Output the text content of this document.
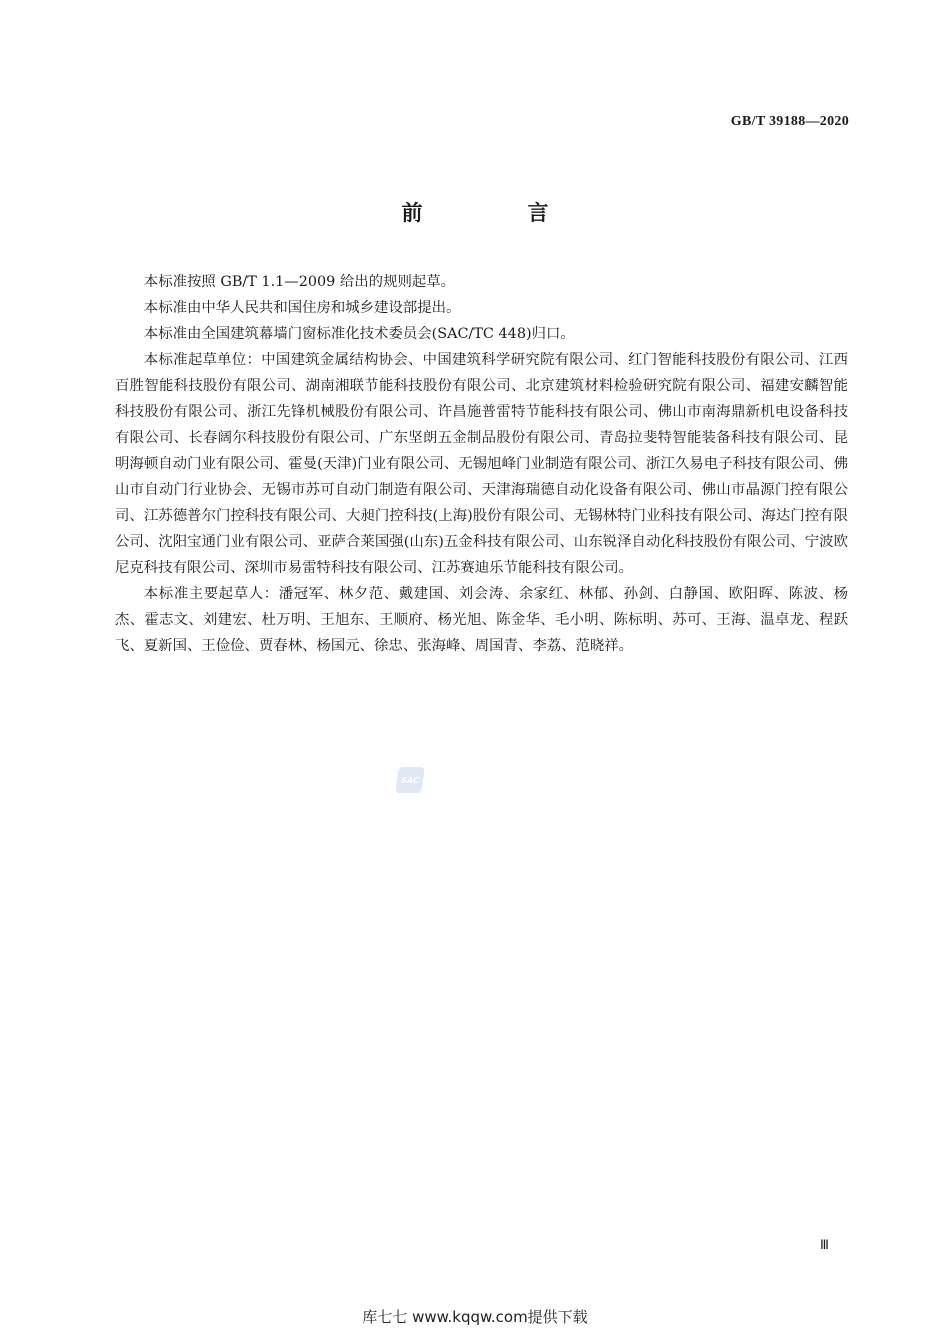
GB/T 39188—2020
前　言

本标准按照 GB/T 1.1—2009 给出的规则起草。

本标准由中华人民共和国住房和城乡建设部提出。

本标准由全国建筑幕墙门窗标准化技术委员会(SAC/TC 448)归口。

本标准起草单位：中国建筑金属结构协会、中国建筑科学研究院有限公司、红门智能科技股份有限公司、江西百胜智能科技股份有限公司、湖南湘联节能科技股份有限公司、北京建筑材料检验研究院有限公司、福建安麟智能科技股份有限公司、浙江先锋机械股份有限公司、许昌施普雷特节能科技有限公司、佛山市南海鼎新机电设备科技有限公司、长春阔尔科技股份有限公司、广东坚朗五金制品股份有限公司、青岛拉斐特智能装备科技有限公司、昆明海顿自动门业有限公司、霍曼(天津)门业有限公司、无锡旭峰门业制造有限公司、浙江久易电子科技有限公司、佛山市自动门行业协会、无锡市苏可自动门制造有限公司、天津海瑞德自动化设备有限公司、佛山市晶源门控有限公司、江苏德普尔门控科技有限公司、大昶门控科技(上海)股份有限公司、无锡林特门业科技有限公司、海达门控有限公司、沈阳宝通门业有限公司、亚萨合莱国强(山东)五金科技有限公司、山东锐泽自动化科技股份有限公司、宁波欧尼克科技有限公司、深圳市易雷特科技有限公司、江苏赛迪乐节能科技有限公司。

本标准主要起草人：潘冠军、林夕范、戴建国、刘会涛、余家红、林郁、孙剑、白静国、欧阳晖、陈波、杨杰、霍志文、刘建宏、杜万明、王旭东、王顺府、杨光旭、陈金华、毛小明、陈标明、苏可、王海、温卓龙、程跃飞、夏新国、王俭俭、贾春林、杨国元、徐忠、张海峰、周国青、李荔、范晓祥。

SAC
Ⅲ
库七七 www.kqqw.com提供下载
